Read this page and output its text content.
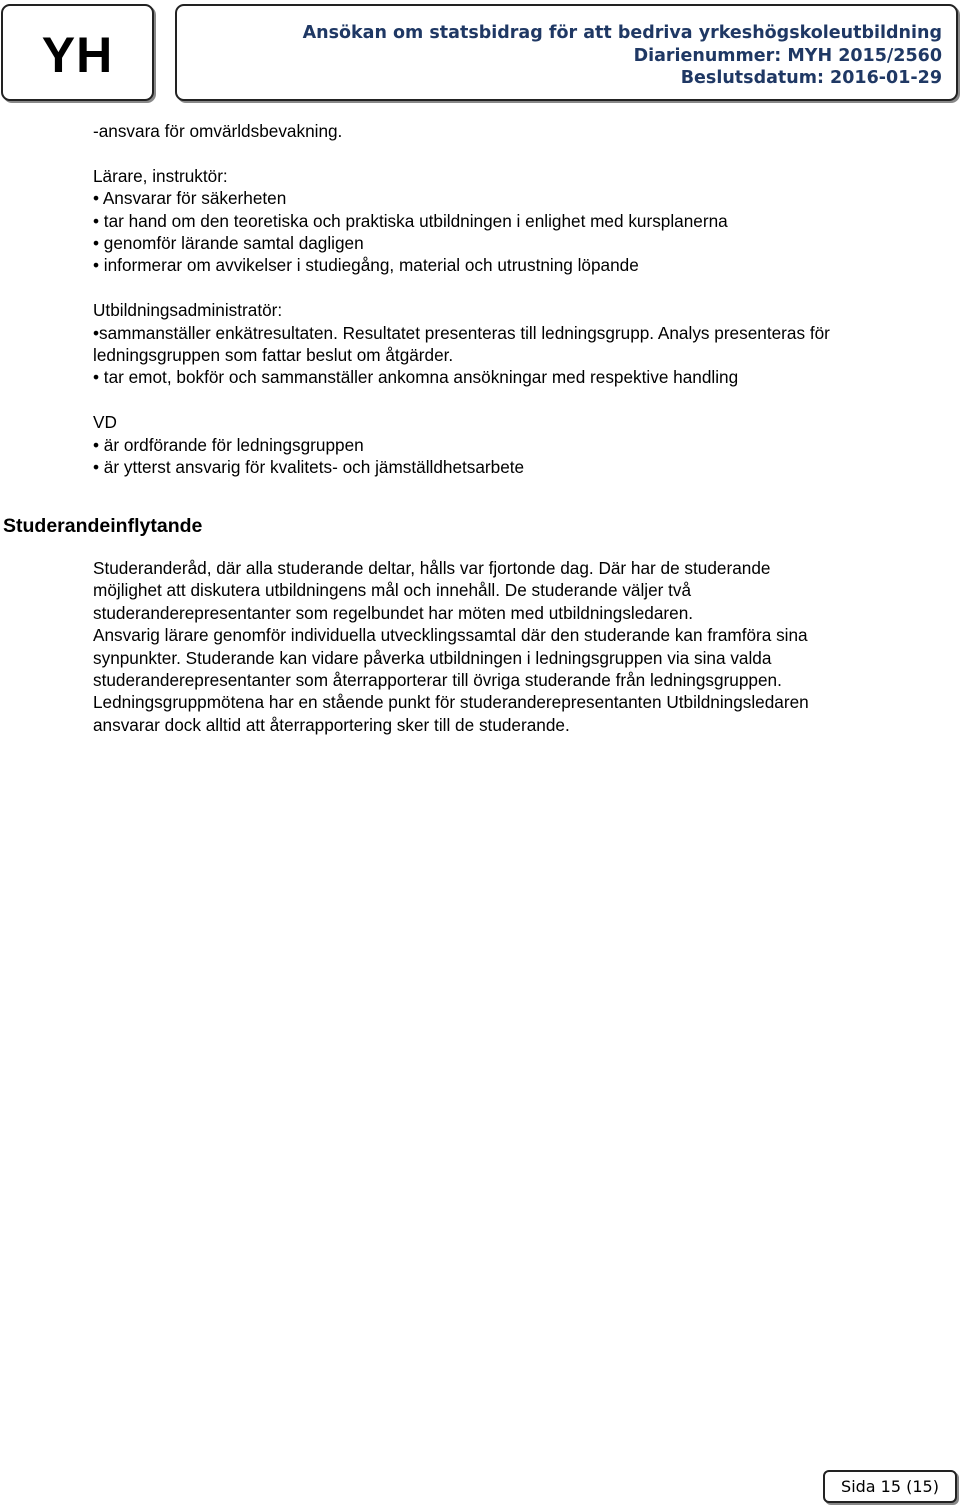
YH	Ansökan om statsbidrag för att bedriva yrkeshögskoleutbildning
Diarienummer: MYH 2015/2560
Beslutsdatum: 2016-01-29
-ansvara för omvärldsbevakning.
Lärare, instruktör:
• Ansvarar för säkerheten
• tar hand om den teoretiska och praktiska utbildningen i enlighet med kursplanerna
• genomför lärande samtal dagligen
• informerar om avvikelser i studiegång, material och utrustning löpande
Utbildningsadministratör:
•sammanställer enkätresultaten. Resultatet presenteras till ledningsgrupp. Analys presenteras för
ledningsgruppen som fattar beslut om åtgärder.
• tar emot, bokför och sammanställer ankomna ansökningar med respektive handling
VD
• är ordförande för ledningsgruppen
• är ytterst ansvarig för kvalitets- och jämställdhetsarbete
Studerandeinflytande
Studeranderåd, där alla studerande deltar, hålls var fjortonde dag. Där har de studerande
möjlighet att diskutera utbildningens mål och innehåll. De studerande väljer två
studeranderepresentanter som regelbundet har möten med utbildningsledaren.
Ansvarig lärare genomför individuella utvecklingssamtal där den studerande kan framföra sina
synpunkter. Studerande kan vidare påverka utbildningen i ledningsgruppen via sina valda
studeranderepresentanter som återrapporterar till övriga studerande från ledningsgruppen.
Ledningsgruppmötena har en stående punkt för studeranderepresentanten Utbildningsledaren
ansvarar dock alltid att återrapportering sker till de studerande.
Sida 15 (15)
